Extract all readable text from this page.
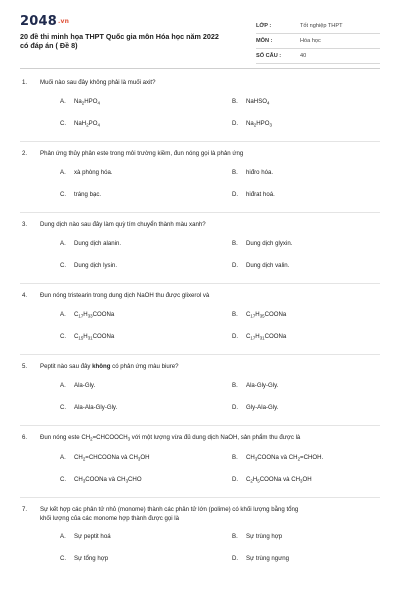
2048.vn
20 đề thi minh họa THPT Quốc gia môn Hóa học năm 2022
có đáp án ( Đề 8)
LỚP :	Tốt nghiệp THPT
MÔN :	Hóa học
SỐ CÂU :	40
1. Muối nào sau đây không phải là muối axit?
A. $Na_2HPO_4$	B. NaHSO$_4$
C. $NaH_2PO_4$	D. $Na_2HPO_3$
2. Phản ứng thủy phân este trong môi trường kiềm, đun nóng gọi là phản ứng
A. xà phòng hóa.	B. hiđro hóa.
C. tráng bạc.	D. hiđrat hoá.
3. Dung dịch nào sau đây làm quỳ tím chuyển thành màu xanh?
A. Dung dịch alanin.	B. Dung dịch glyxin.
C. Dung dịch lysin.	D. Dung dịch valin.
4. Đun nóng tristearin trong dung dịch NaOH thu được glixerol và
A. $C_{17}H_{33}COONa$	B. $C_{17}H_{35}COONa$
C. $C_{15}H_{31}COONa$	D. $C_{17}H_{31}COONa$
5. Peptit nào sau đây không có phản ứng màu biure?
A. Ala-Gly.	B. Ala-Gly-Gly.
C. Ala-Ala-Gly-Gly.	D. Gly-Ala-Gly.
6. Đun nóng este $CH_2=CHCOOCH_3$ với một lượng vừa đủ dung dịch NaOH, sản phẩm thu được là
A. $CH_2=CHCOONa$ và $CH_3OH$	B. $CH_3COONa$ và $CH_2=CHOH$.
C. $CH_3COONa$ và $CH_3CHO$	D. $C_2H_5COONa$ và $CH_3OH$
7. Sự kết hợp các phân tử nhỏ (monome) thành các phân tử lớn (polime) có khối lượng bằng tổng
khối lượng của các monome hợp thành được gọi là
A. Sự peptit hoá	B. Sự trùng hợp
C. Sự tổng hợp	D. Sự trùng ngưng
